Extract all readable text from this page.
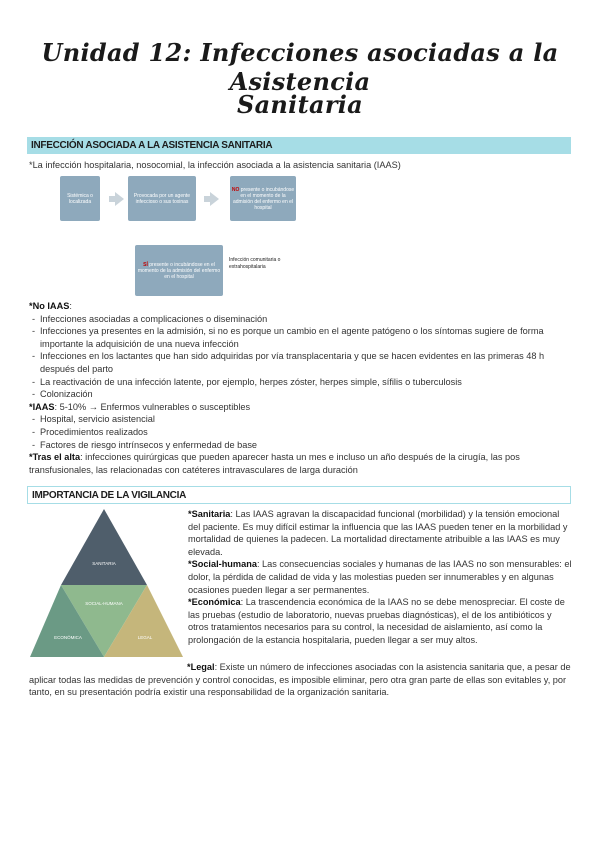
Unidad 12: Infecciones asociadas a la Asistencia
Sanitaria
INFECCIÓN ASOCIADA A LA ASISTENCIA SANITARIA
*La infección hospitalaria, nosocomial, la infección asociada a la asistencia sanitaria (IAAS)
Sistémica o localizada
Provocada por un agente infeccioso o sus toxinas
NO presente o incubándose en el momento de la admisión del enfermo en el hospital
SÍ presente o incubándose en el momento de la admisión del enfermo en el hospital
Infección comunitaria o extrahospitalaria
*No IAAS:
- Infecciones asociadas a complicaciones o diseminación
- Infecciones ya presentes en la admisión, si no es porque un cambio en el agente patógeno o los síntomas sugiere de forma importante la adquisición de una nueva infección
- Infecciones en los lactantes que han sido adquiridas por vía transplacentaria y que se hacen evidentes en las primeras 48 h después del parto
- La reactivación de una infección latente, por ejemplo, herpes zóster, herpes simple, sífilis o tuberculosis
- Colonización
*IAAS: 5-10% → Enfermos vulnerables o susceptibles
- Hospital, servicio asistencial
- Procedimientos realizados
- Factores de riesgo intrínsecos y enfermedad de base
*Tras el alta: infecciones quirúrgicas que pueden aparecer hasta un mes e incluso un año después de la cirugía, las pos transfusionales, las relacionadas con catéteres intravasculares de larga duración
IMPORTANCIA DE LA VIGILANCIA
SANITARIA
SOCIAL-HUMANA
ECONÓMICA	LEGAL
*Sanitaria: Las IAAS agravan la discapacidad funcional (morbilidad) y la tensión emocional del paciente. Es muy difícil estimar la influencia que las IAAS pueden tener en la morbilidad y mortalidad de quienes la padecen. La mortalidad directamente atribuible a las IAAS es muy elevada.
*Social-humana: Las consecuencias sociales y humanas de las IAAS no son mensurables: el dolor, la pérdida de calidad de vida y las molestias pueden ser innumerables y en algunas ocasiones pueden llegar a ser permanentes.
*Económica: La trascendencia económica de la IAAS no se debe menospreciar. El coste de las pruebas (estudio de laboratorio, nuevas pruebas diagnósticas), el de los antibióticos y otros tratamientos necesarios para su control, la necesidad de aislamiento, así como la prolongación de la estancia hospitalaria, pueden llegar a ser muy altos.
*Legal: Existe un número de infecciones asociadas con la asistencia sanitaria que, a pesar de aplicar todas las medidas de prevención y control conocidas, es imposible eliminar, pero otra gran parte de ellas son evitables y, por tanto, en su presentación podría existir una responsabilidad de la organización sanitaria.
